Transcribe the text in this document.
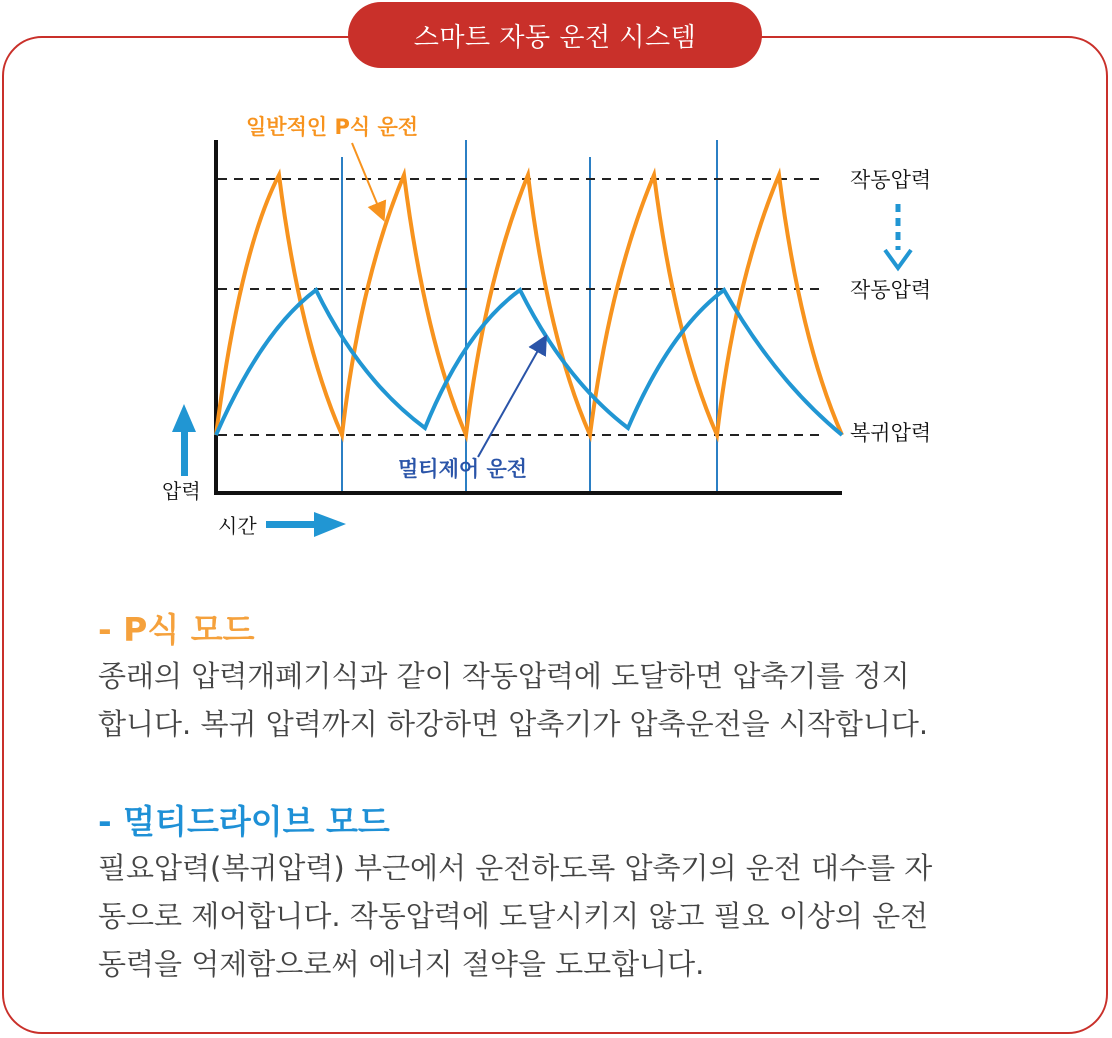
스마트 자동 운전 시스템
일반적인 P식 운전
멀티제어 운전
작동압력
작동압력
복귀압력
압력
시간
- P식 모드
종래의 압력개폐기식과 같이 작동압력에 도달하면 압축기를 정지
합니다. 복귀 압력까지 하강하면 압축기가 압축운전을 시작합니다.
- 멀티드라이브 모드
필요압력(복귀압력) 부근에서 운전하도록 압축기의 운전 대수를 자
동으로 제어합니다. 작동압력에 도달시키지 않고 필요 이상의 운전
동력을 억제함으로써 에너지 절약을 도모합니다.
